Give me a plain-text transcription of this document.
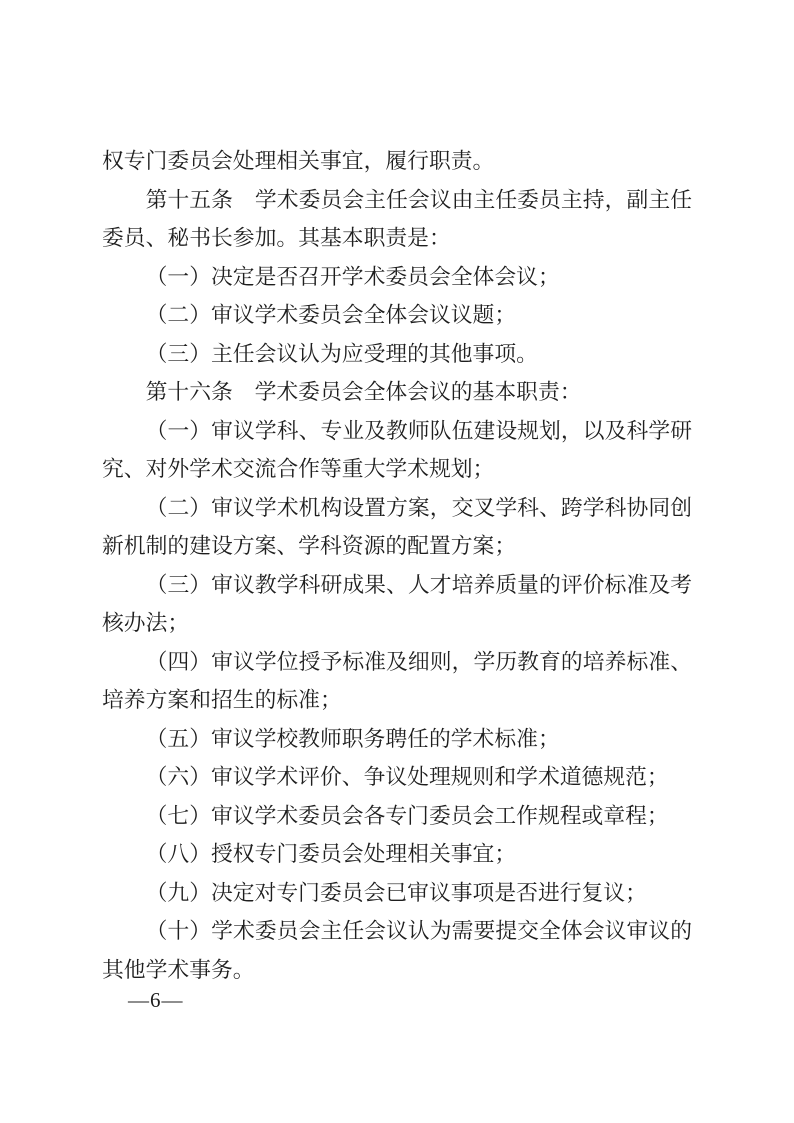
权专门委员会处理相关事宜，履行职责。

第十五条　学术委员会主任会议由主任委员主持，副主任委员、秘书长参加。其基本职责是：

（一）决定是否召开学术委员会全体会议；

（二）审议学术委员会全体会议议题；

（三）主任会议认为应受理的其他事项。

第十六条　学术委员会全体会议的基本职责：

（一）审议学科、专业及教师队伍建设规划，以及科学研究、对外学术交流合作等重大学术规划；

（二）审议学术机构设置方案，交叉学科、跨学科协同创新机制的建设方案、学科资源的配置方案；

（三）审议教学科研成果、人才培养质量的评价标准及考核办法；

（四）审议学位授予标准及细则，学历教育的培养标准、培养方案和招生的标准；

（五）审议学校教师职务聘任的学术标准；

（六）审议学术评价、争议处理规则和学术道德规范；

（七）审议学术委员会各专门委员会工作规程或章程；

（八）授权专门委员会处理相关事宜；

（九）决定对专门委员会已审议事项是否进行复议；

（十）学术委员会主任会议认为需要提交全体会议审议的其他学术事务。

—6—
